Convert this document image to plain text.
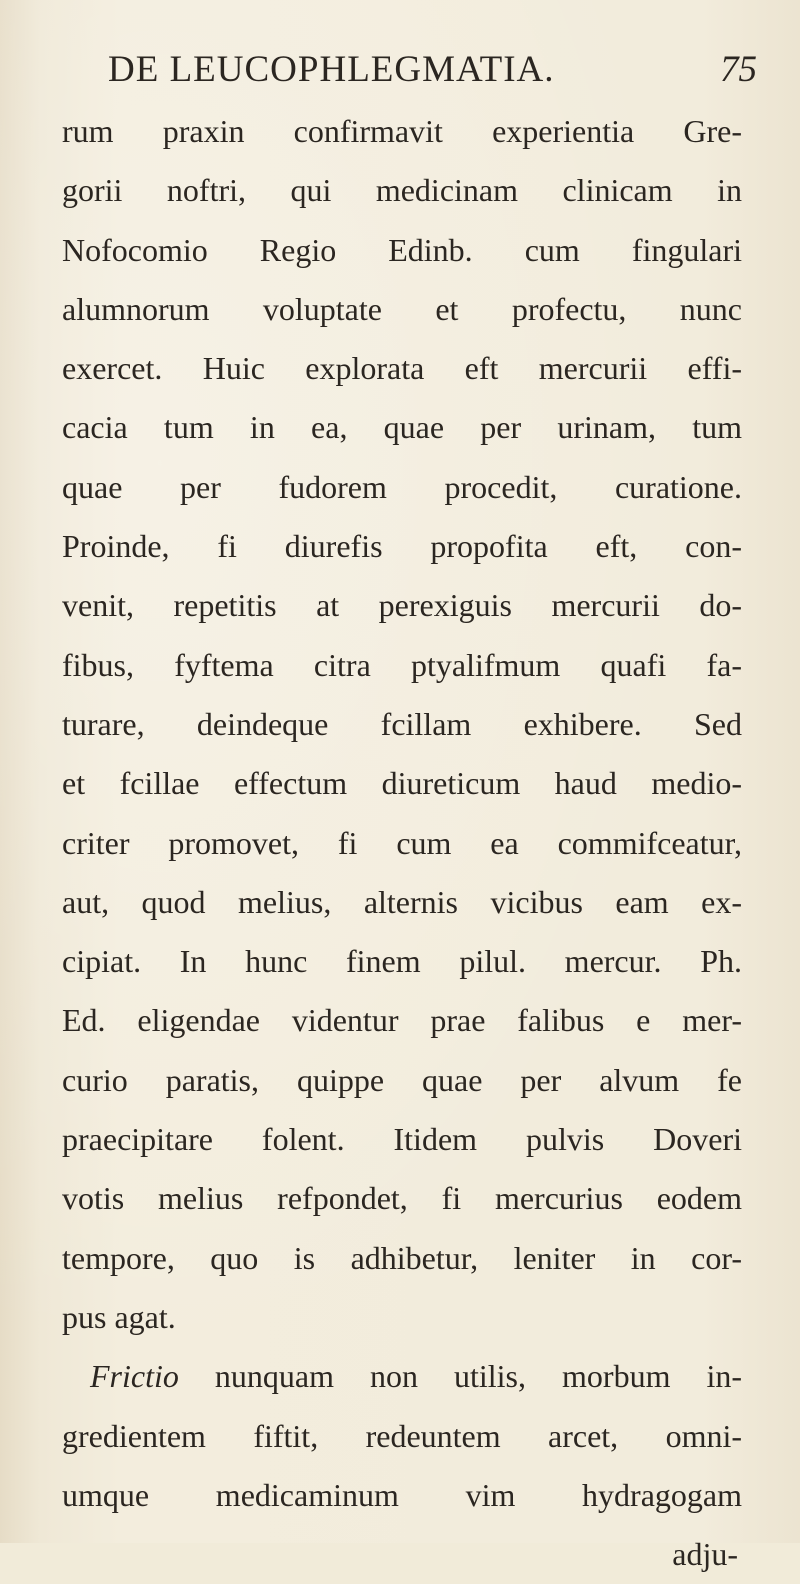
DE LEUCOPHLEGMATIA.	75
rum praxin confirmavit experientia Gre-
gorii noftri, qui medicinam clinicam in
Nofocomio Regio Edinb. cum fingulari
alumnorum voluptate et profectu, nunc
exercet. Huic explorata eft mercurii effi-
cacia tum in ea, quae per urinam, tum
quae per fudorem procedit, curatione.
Proinde, fi diurefis propofita eft, con-
venit, repetitis at perexiguis mercurii do-
fibus, fyftema citra ptyalifmum quafi fa-
turare, deindeque fcillam exhibere. Sed
et fcillae effectum diureticum haud medio-
criter promovet, fi cum ea commifceatur,
aut, quod melius, alternis vicibus eam ex-
cipiat. In hunc finem pilul. mercur. Ph.
Ed. eligendae videntur prae falibus e mer-
curio paratis, quippe quae per alvum fe
praecipitare folent. Itidem pulvis Doveri
votis melius refpondet, fi mercurius eodem
tempore, quo is adhibetur, leniter in cor-
pus agat.
Frictio nunquam non utilis, morbum in-
gredientem fiftit, redeuntem arcet, omni-
umque medicaminum vim hydragogam
adju-
